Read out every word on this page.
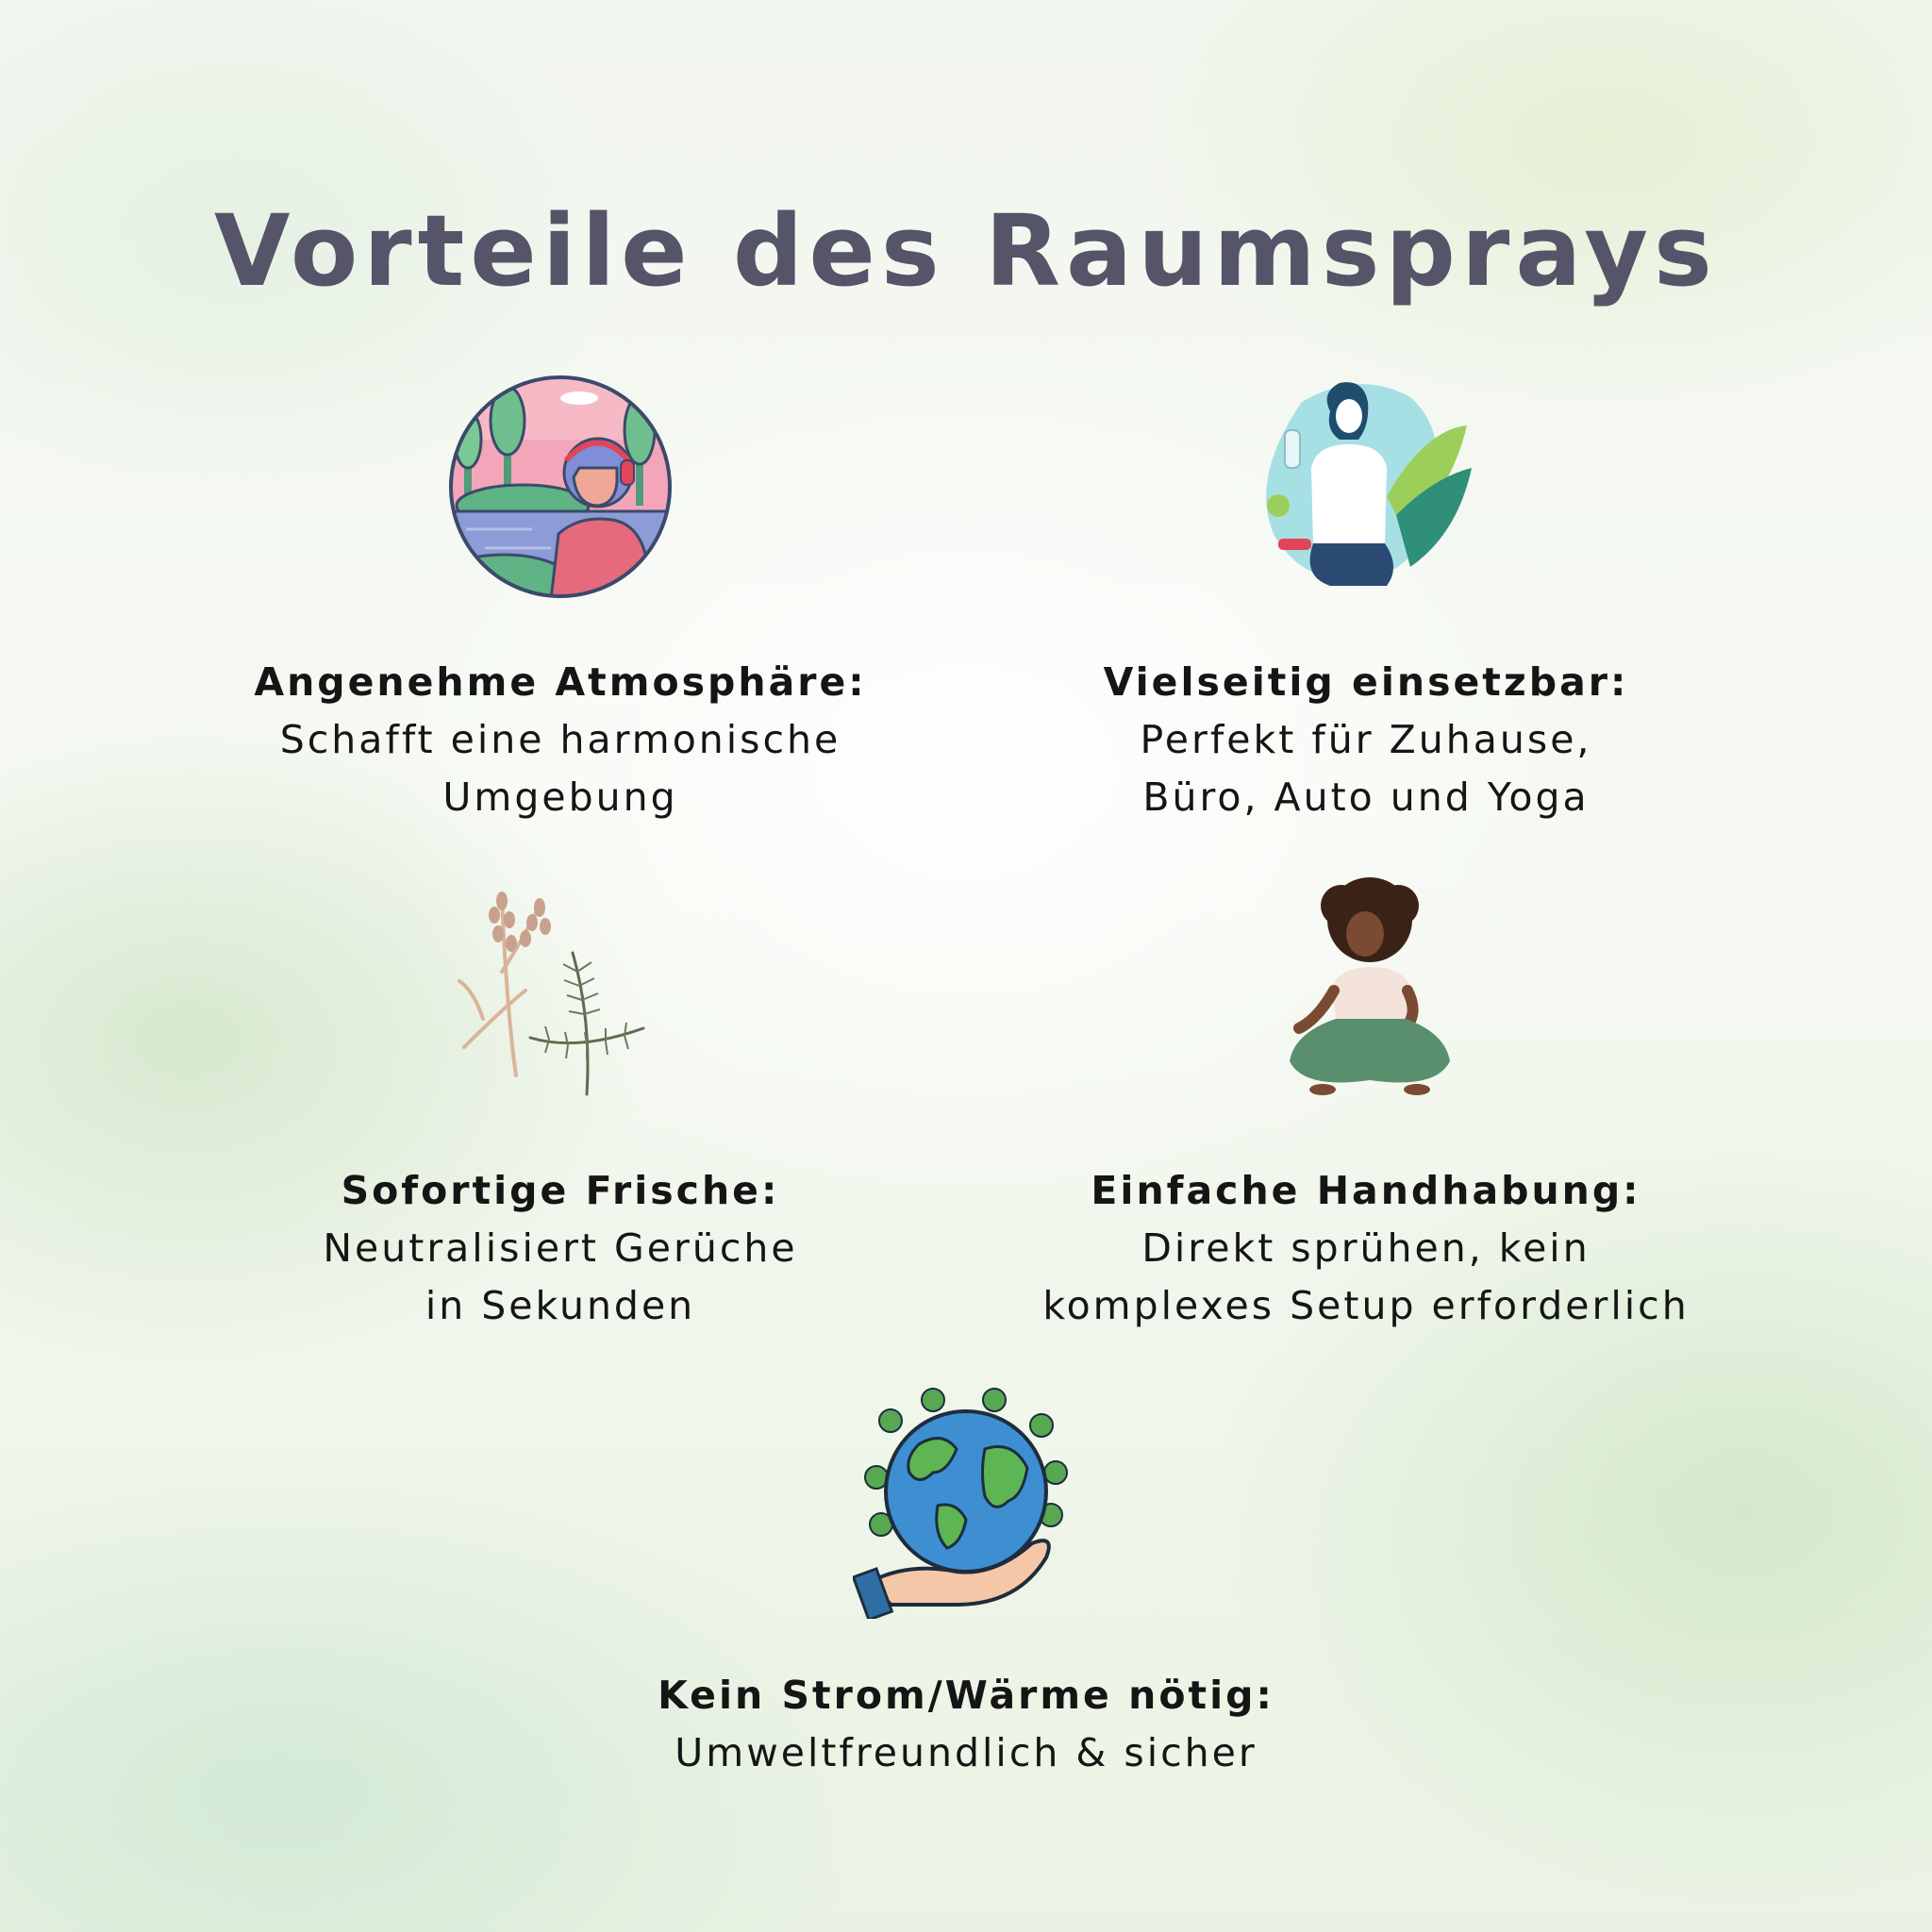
Vorteile des Raumsprays
Angenehme Atmosphäre:
Schafft eine harmonische
Umgebung
Vielseitig einsetzbar:
Perfekt für Zuhause,
Büro, Auto und Yoga
Sofortige Frische:
Neutralisiert Gerüche
in Sekunden
Einfache Handhabung:
Direkt sprühen, kein
komplexes Setup erforderlich
Kein Strom/Wärme nötig:
Umweltfreundlich & sicher
